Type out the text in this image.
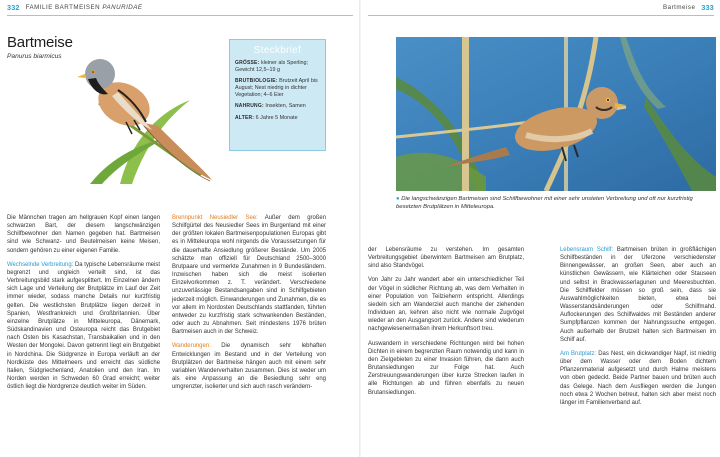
332 FAMILIE BARTMEISEN PANURIDAE
Bartmeise
Panurus biarmicus
Steckbrief
GRÖSSE: kleiner als Sperling; Gewicht 12,5–19 g
BRUTBIOLOGIE: Brutzeit April bis August; Nest niedrig in dichter Vegetation; 4–6 Eier
NAHRUNG: Insekten, Samen
ALTER: 6 Jahre 5 Monate

Die Männchen tragen am hellgrauen Kopf einen langen schwarzen Bart, der diesem langschwänzigen Schilfbewohner den Namen gegeben hat. Bartmeisen sind wie Schwanz- und Beutelmeisen keine Meisen, sondern gehören zu einer eigenen Familie.

Wechselnde Verbreitung: Da typische Lebensräume meist begrenzt und ungleich verteilt sind, ist das Verbreitungsbild stark aufgesplittert. Im Einzelnen ändern sich Lage und Verteilung der Brutplätze im Lauf der Zeit immer wieder, sodass manche Details nur kurzfristig gelten. Die westlichsten Brutplätze liegen derzeit in Spanien, Westfrankreich und Großbritannien. Über einzelne Brutplätze in Mitteleuropa, Dänemark, Südskandinavien und Osteuropa reicht das Brutgebiet nach Osten bis Kasachstan, Transbaikalien und in den Westen der Mongolei. Davon getrennt liegt ein Brutgebiet in Nordchina. Die Südgrenze in Europa verläuft an der Nordküste des Mittelmeers und erreicht das südliche Italien, Südgriechenland, Anatolien und den Iran. Im Norden werden in Schweden 60 Grad erreicht; weiter östlich liegt die Nordgrenze deutlich weiter im Süden.

Brennpunkt Neusiedler See: Außer dem großen Schilfgürtel des Neusiedler Sees im Burgenland mit einer der größten lokalen Bartmeisenpopulationen Europas gibt es in Mitteleuropa wohl nirgends die Voraussetzungen für die dauerhafte Ansiedlung größerer Bestände. Um 2005 schätzte man offiziell für Deutschland 2500–3000 Brutpaare und vermerkte Zunahmen in 9 Bundesländern. Inzwischen haben sich die meist isolierten Einzelvorkommen z. T. verändert. Verschiedene unzuverlässige Bestandsangaben sind in Schilfgebieten jederzeit möglich. Einwanderungen und Zunahmen, die es vor allem im Nordosten Deutschlands stattfanden, führten entweder zu kurzfristig stark schwankenden Beständen, oder auch zu Abnahmen. Seit mindestens 1976 brüten Bartmeisen auch in der Schweiz.

Wanderungen: Die dynamisch sehr lebhaften Entwicklungen im Bestand und in der Verteilung von Brutplätzen der Bartmeise hängen auch mit einem sehr variablen Wanderverhalten zusammen. Dies ist weder um als eine Anpassung an die Besiedlung sehr eng umgrenzter, isolierter und sich auch rasch verändern-

Bartmeise 333

der Lebensräume zu verstehen. Im gesamten Verbreitungsgebiet überwintern Bartmeisen am Brutplatz, sind also Standvögel.

Von Jahr zu Jahr wandert aber ein unterschiedlicher Teil der Vögel in südlicher Richtung ab, was dem Verhalten in einer Population von Teilzieherm entspricht. Allerdings siedeln sich am Wanderziel auch manche der ziehenden Individuen an, kehren also nicht wie normale Zugvögel wieder an den Ausgangsort zurück. Andere sind wiederum nachgewiesenermaßen ihrem Herkunftsort treu.

Auswandern in verschiedene Richtungen wird bei hohen Dichten in einem begrenzten Raum notwendig und kann in den Zielgebieten zu einer Invasion führen, die dann auch Brutansiedlungen zur Folge hat. Auch Zerstreuungswanderungen über kurze Strecken laufen in alle Richtungen ab und führen ebenfalls zu neuen Brutansiedlungen.

Lebensraum Schilf: Bartmeisen brüten in großflächigen Schilfbeständen in der Uferzone verschiedenster Binnengewässer, an großen Seen, aber auch an künstlichen Gewässern, wie Klärteichen oder Stauseen und selbst in Brackwasserlagunen und Meeresbuchten. Die Schilffelder müssen so groß sein, dass sie Auswahlmöglichkeiten bieten, etwa bei Wasserstandsänderungen oder Schilfmahd. Auflockerungen des Schilfwaldes mit Beständen anderer Sumpfpflanzen kommen der Nahrungssuche entgegen. Auch außerhalb der Brutzeit halten sich Bartmeisen im Schilf auf.

Am Brutplatz: Das Nest, ein dickwandiger Napf, ist niedrig über dem Wasser oder dem Boden dichtem Pflanzenmaterial aufgesetzt und durch Halme meistens von oben gedeckt. Beide Partner bauen und brüten auch das Gelege. Nach dem Ausfliegen werden die Jungen noch etwa 2 Wochen betreut, halten sich aber meist noch länger im Familienverband auf.

● Die langschwänzigen Bartmeisen sind Schilfbewohner mit einer sehr unsteten Verbreitung und oft nur kurzfristig besetzten Brutplätzen in Mitteleuropa.
